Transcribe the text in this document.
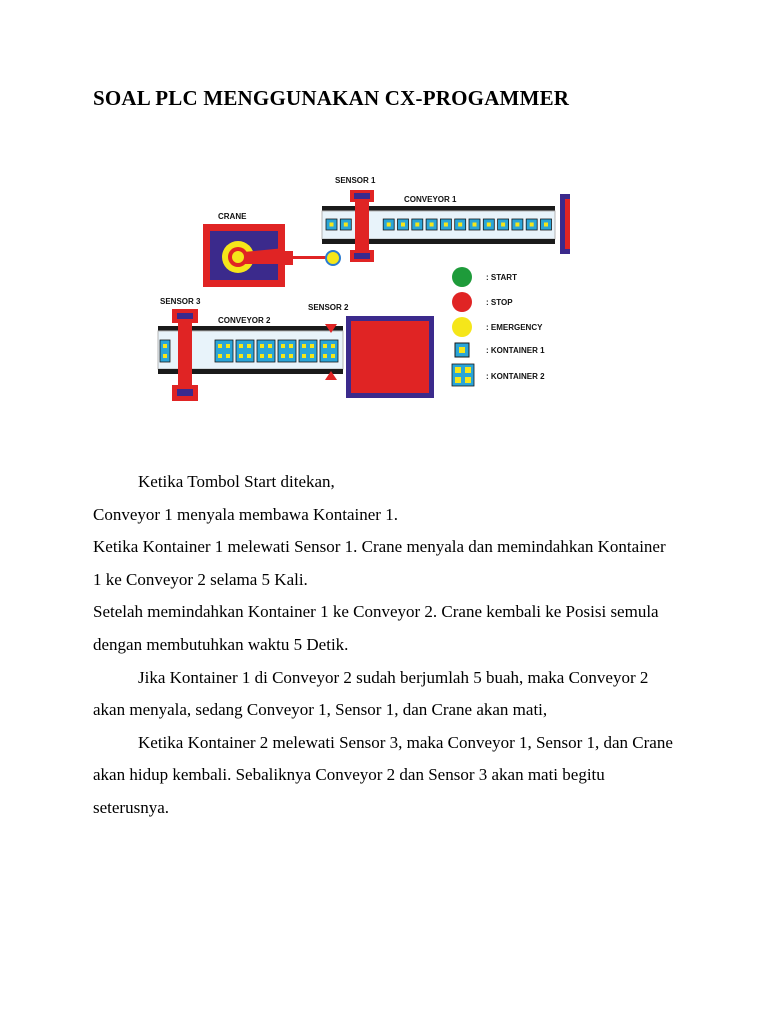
SOAL PLC MENGGUNAKAN CX-PROGAMMER
CRANE
SENSOR 1
CONVEYOR 1
SENSOR 3
SENSOR 2
CONVEYOR 2
: START
: STOP
: EMERGENCY
: KONTAINER 1
: KONTAINER 2

Ketika Tombol Start ditekan,

Conveyor 1 menyala membawa Kontainer 1.

Ketika Kontainer 1 melewati Sensor 1. Crane menyala dan memindahkan Kontainer 1 ke Conveyor 2 selama 5 Kali.

Setelah memindahkan Kontainer 1 ke Conveyor 2. Crane kembali ke Posisi semula dengan membutuhkan waktu 5 Detik.

Jika Kontainer 1 di Conveyor 2 sudah berjumlah 5 buah, maka Conveyor 2 akan menyala, sedang Conveyor 1, Sensor 1, dan Crane akan mati,

Ketika Kontainer 2 melewati Sensor 3, maka Conveyor 1, Sensor 1, dan Crane akan hidup kembali. Sebaliknya Conveyor 2 dan Sensor 3 akan mati begitu seterusnya.
